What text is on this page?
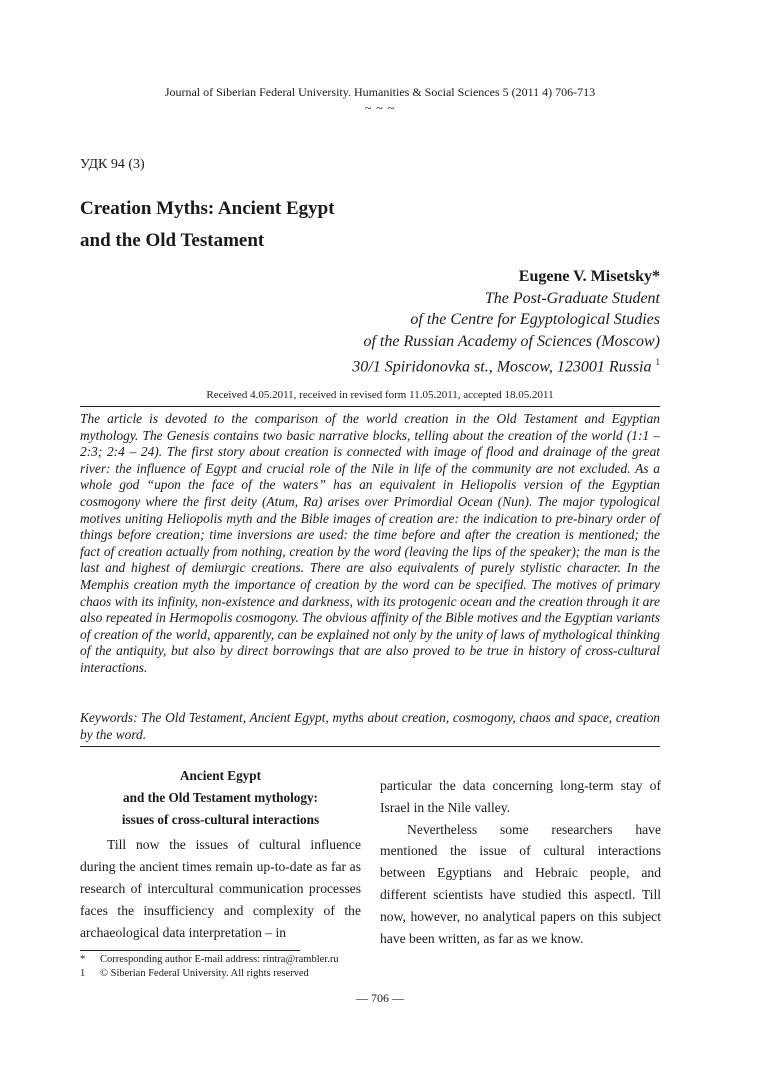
Journal of Siberian Federal University. Humanities & Social Sciences 5 (2011 4) 706-713
~ ~ ~
УДК 94 (3)
Creation Myths: Ancient Egypt
and the Old Testament
Eugene V. Misetsky*
The Post-Graduate Student
of the Centre for Egyptological Studies
of the Russian Academy of Sciences (Moscow)
30/1 Spiridonovka st., Moscow, 123001 Russia $^1$
Received 4.05.2011, received in revised form 11.05.2011, accepted 18.05.2011
The article is devoted to the comparison of the world creation in the Old Testament and Egyptian mythology. The Genesis contains two basic narrative blocks, telling about the creation of the world (1:1 – 2:3; 2:4 – 24). The first story about creation is connected with image of flood and drainage of the great river: the influence of Egypt and crucial role of the Nile in life of the community are not excluded. As a whole god “upon the face of the waters” has an equivalent in Heliopolis version of the Egyptian cosmogony where the first deity (Atum, Ra) arises over Primordial Ocean (Nun). The major typological motives uniting Heliopolis myth and the Bible images of creation are: the indication to pre-binary order of things before creation; time inversions are used: the time before and after the creation is mentioned; the fact of creation actually from nothing, creation by the word (leaving the lips of the speaker); the man is the last and highest of demiurgic creations. There are also equivalents of purely stylistic character. In the Memphis creation myth the importance of creation by the word can be specified. The motives of primary chaos with its infinity, non-existence and darkness, with its protogenic ocean and the creation through it are also repeated in Hermopolis cosmogony. The obvious affinity of the Bible motives and the Egyptian variants of creation of the world, apparently, can be explained not only by the unity of laws of mythological thinking of the antiquity, but also by direct borrowings that are also proved to be true in history of cross-cultural interactions.
Keywords: The Old Testament, Ancient Egypt, myths about creation, cosmogony, chaos and space, creation by the word.
Ancient Egypt
and the Old Testament mythology:
issues of cross-cultural interactions

Till now the issues of cultural influence during the ancient times remain up-to-date as far as research of intercultural communication processes faces the insufficiency and complexity of the archaeological data interpretation – in

particular the data concerning long-term stay of Israel in the Nile valley.

Nevertheless some researchers have mentioned the issue of cultural interactions between Egyptians and Hebraic people, and different scientists have studied this aspectl. Till now, however, no analytical papers on this subject have been written, as far as we know.

*	Corresponding author E-mail address: rintra@rambler.ru
1	© Siberian Federal University. All rights reserved
— 706 —
